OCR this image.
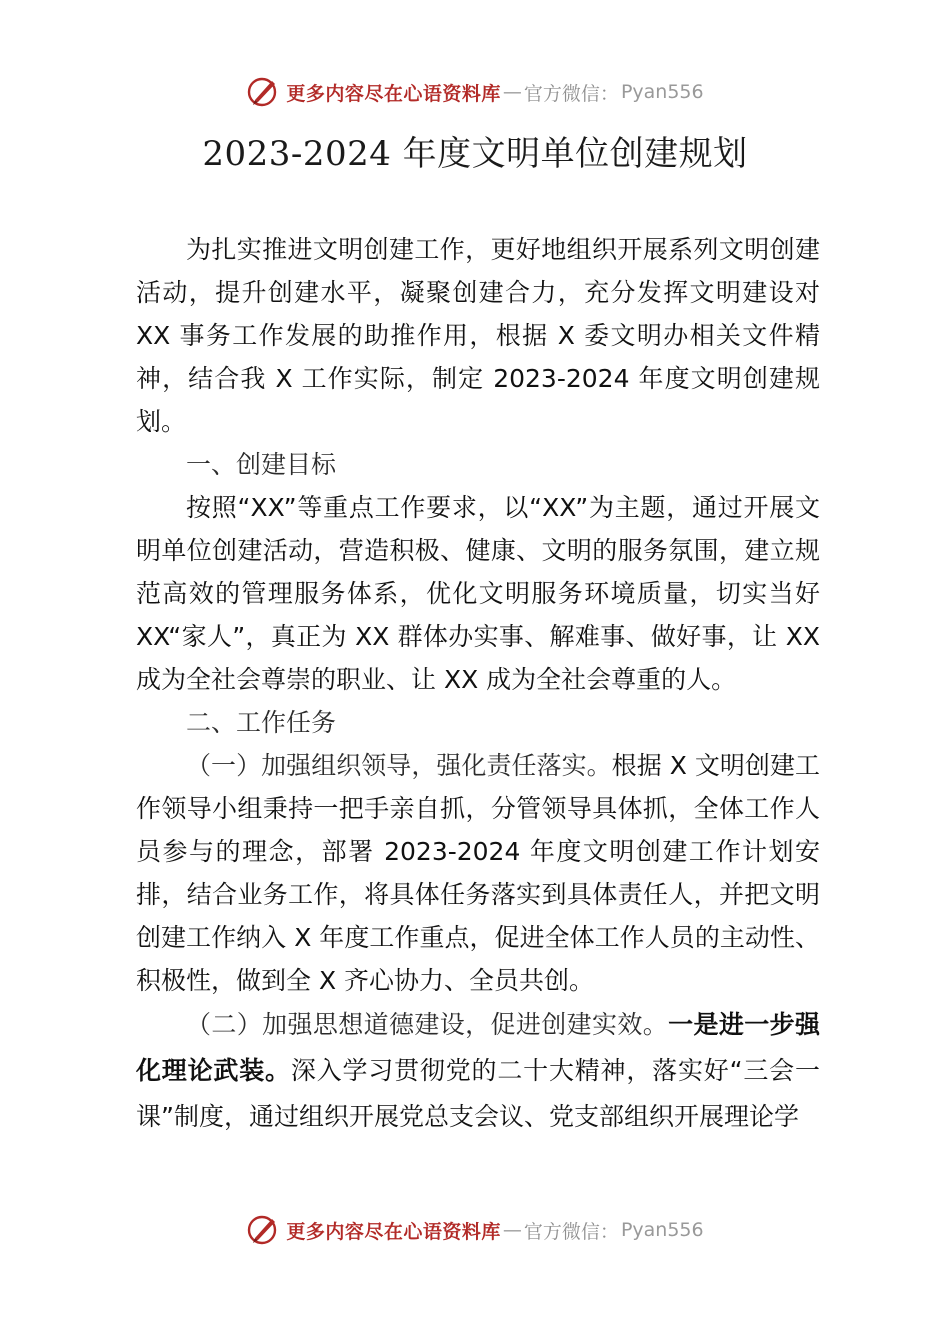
更多内容尽在心语资料库 — 官方微信： Pyan556
2023-2024 年度文明单位创建规划

为扎实推进文明创建工作，更好地组织开展系列文明创建活动，提升创建水平，凝聚创建合力，充分发挥文明建设对XX 事务工作发展的助推作用，根据 X 委文明办相关文件精神，结合我 X 工作实际，制定 2023-2024 年度文明创建规划。

一、创建目标

按照“XX”等重点工作要求，以“XX”为主题，通过开展文明单位创建活动，营造积极、健康、文明的服务氛围，建立规范高效的管理服务体系，优化文明服务环境质量，切实当好XX“家人”，真正为 XX 群体办实事、解难事、做好事，让 XX成为全社会尊崇的职业、让 XX 成为全社会尊重的人。

二、工作任务

（一）加强组织领导，强化责任落实。根据 X 文明创建工作领导小组秉持一把手亲自抓，分管领导具体抓，全体工作人员参与的理念，部署 2023-2024 年度文明创建工作计划安排，结合业务工作，将具体任务落实到具体责任人，并把文明创建工作纳入 X 年度工作重点，促进全体工作人员的主动性、积极性，做到全 X 齐心协力、全员共创。

（二）加强思想道德建设，促进创建实效。一是进一步强化理论武装。深入学习贯彻党的二十大精神，落实好“三会一课”制度，通过组织开展党总支会议、党支部组织开展理论学

更多内容尽在心语资料库 — 官方微信： Pyan556
